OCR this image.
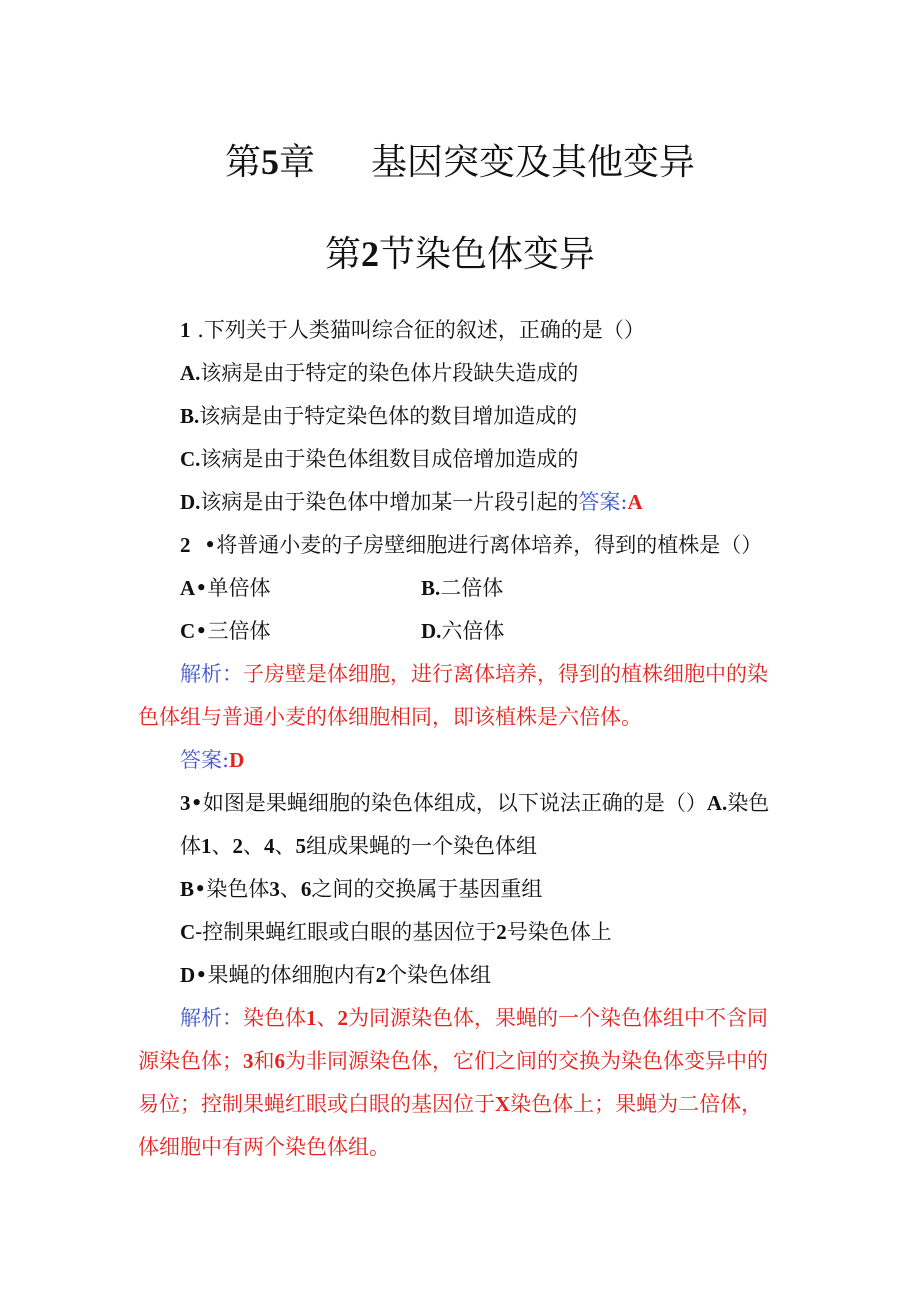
第5章 基因突变及其他变异
第2节染色体变异
1 .下列关于人类猫叫综合征的叙述，正确的是（）
A.该病是由于特定的染色体片段缺失造成的
B.该病是由于特定染色体的数目增加造成的
C.该病是由于染色体组数目成倍增加造成的
D.该病是由于染色体中增加某一片段引起的答案:A
2 •将普通小麦的子房壁细胞进行离体培养，得到的植株是（）
A•单倍体	B.二倍体
C•三倍体	D.六倍体
解析：子房壁是体细胞，进行离体培养，得到的植株细胞中的染
色体组与普通小麦的体细胞相同，即该植株是六倍体。
答案:D
3•如图是果蝇细胞的染色体组成，以下说法正确的是（）A.染色
体1、2、4、5组成果蝇的一个染色体组
B•染色体3、6之间的交换属于基因重组
C-控制果蝇红眼或白眼的基因位于2号染色体上
D•果蝇的体细胞内有2个染色体组
解析：染色体1、2为同源染色体，果蝇的一个染色体组中不含同
源染色体；3和6为非同源染色体，它们之间的交换为染色体变异中的
易位；控制果蝇红眼或白眼的基因位于X染色体上；果蝇为二倍体，
体细胞中有两个染色体组。
